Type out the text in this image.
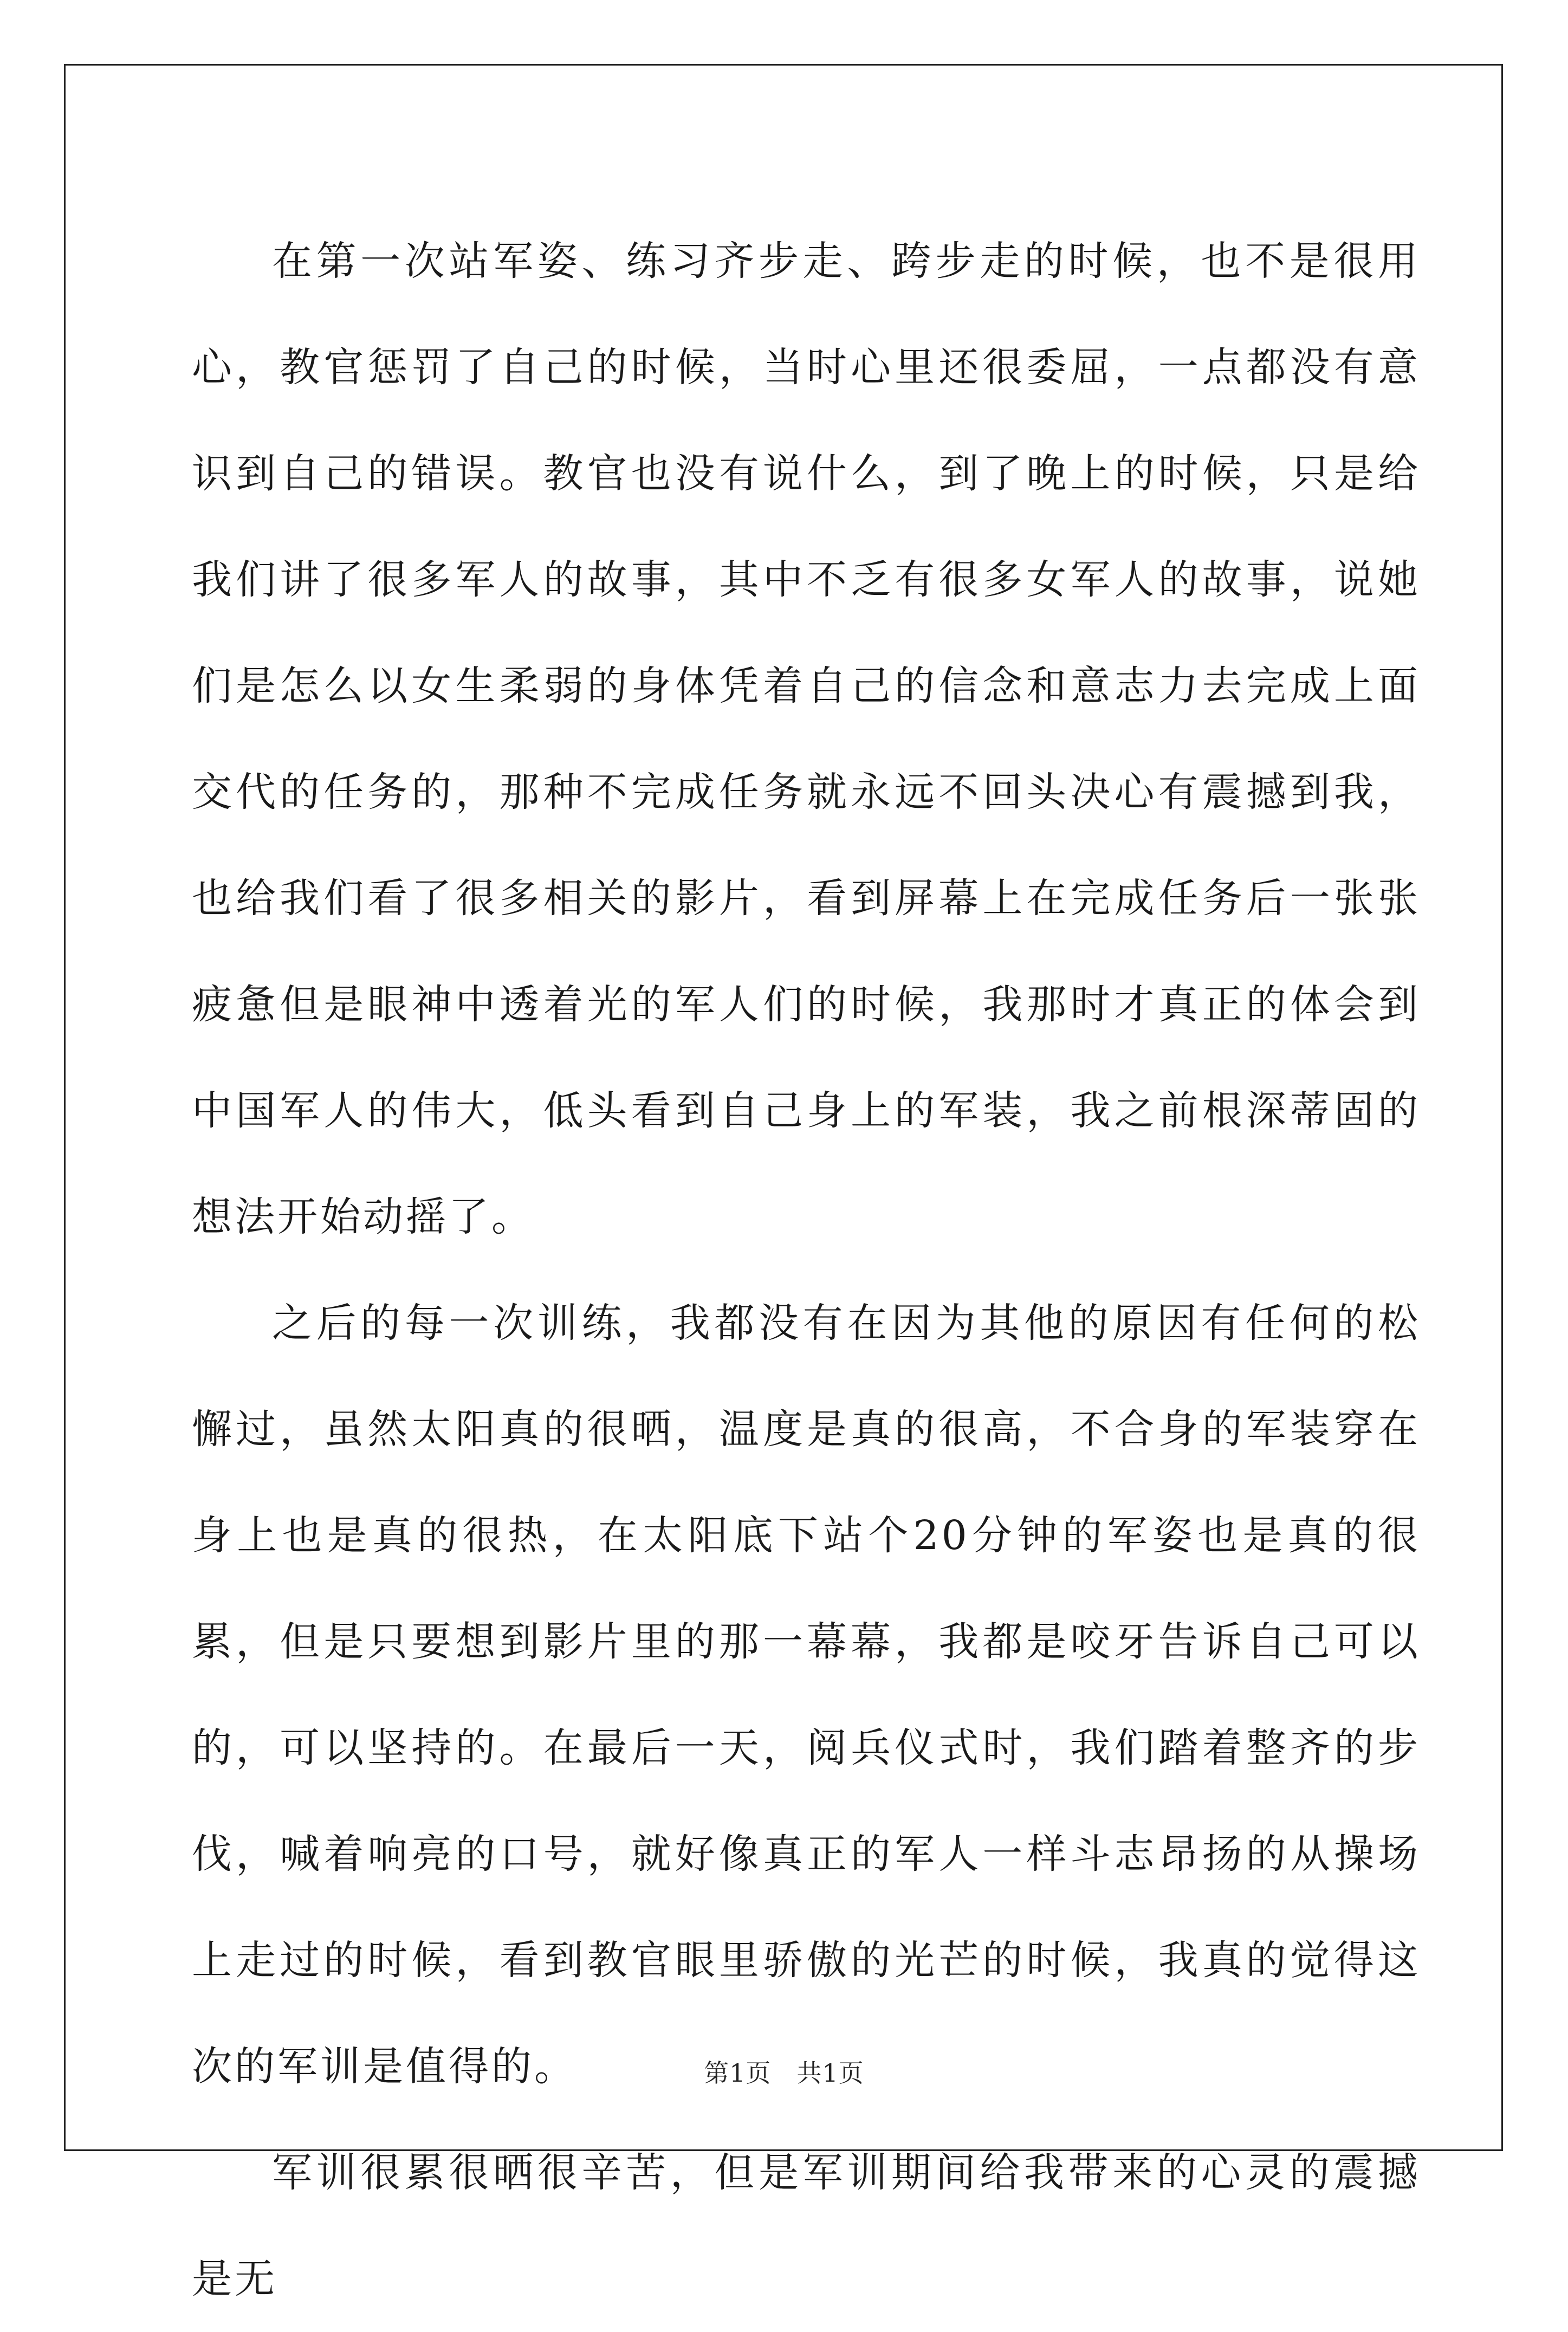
在第一次站军姿、练习齐步走、跨步走的时候，也不是很用心，教官惩罚了自己的时候，当时心里还很委屈，一点都没有意识到自己的错误。教官也没有说什么，到了晚上的时候，只是给我们讲了很多军人的故事，其中不乏有很多女军人的故事，说她们是怎么以女生柔弱的身体凭着自己的信念和意志力去完成上面交代的任务的，那种不完成任务就永远不回头决心有震撼到我，也给我们看了很多相关的影片，看到屏幕上在完成任务后一张张疲惫但是眼神中透着光的军人们的时候，我那时才真正的体会到中国军人的伟大，低头看到自己身上的军装，我之前根深蒂固的想法开始动摇了。

之后的每一次训练，我都没有在因为其他的原因有任何的松懈过，虽然太阳真的很晒，温度是真的很高，不合身的军装穿在身上也是真的很热，在太阳底下站个20分钟的军姿也是真的很累，但是只要想到影片里的那一幕幕，我都是咬牙告诉自己可以的，可以坚持的。在最后一天，阅兵仪式时，我们踏着整齐的步伐，喊着响亮的口号，就好像真正的军人一样斗志昂扬的从操场上走过的时候，看到教官眼里骄傲的光芒的时候，我真的觉得这次的军训是值得的。

军训很累很晒很辛苦，但是军训期间给我带来的心灵的震撼是无

第1页 共1页
